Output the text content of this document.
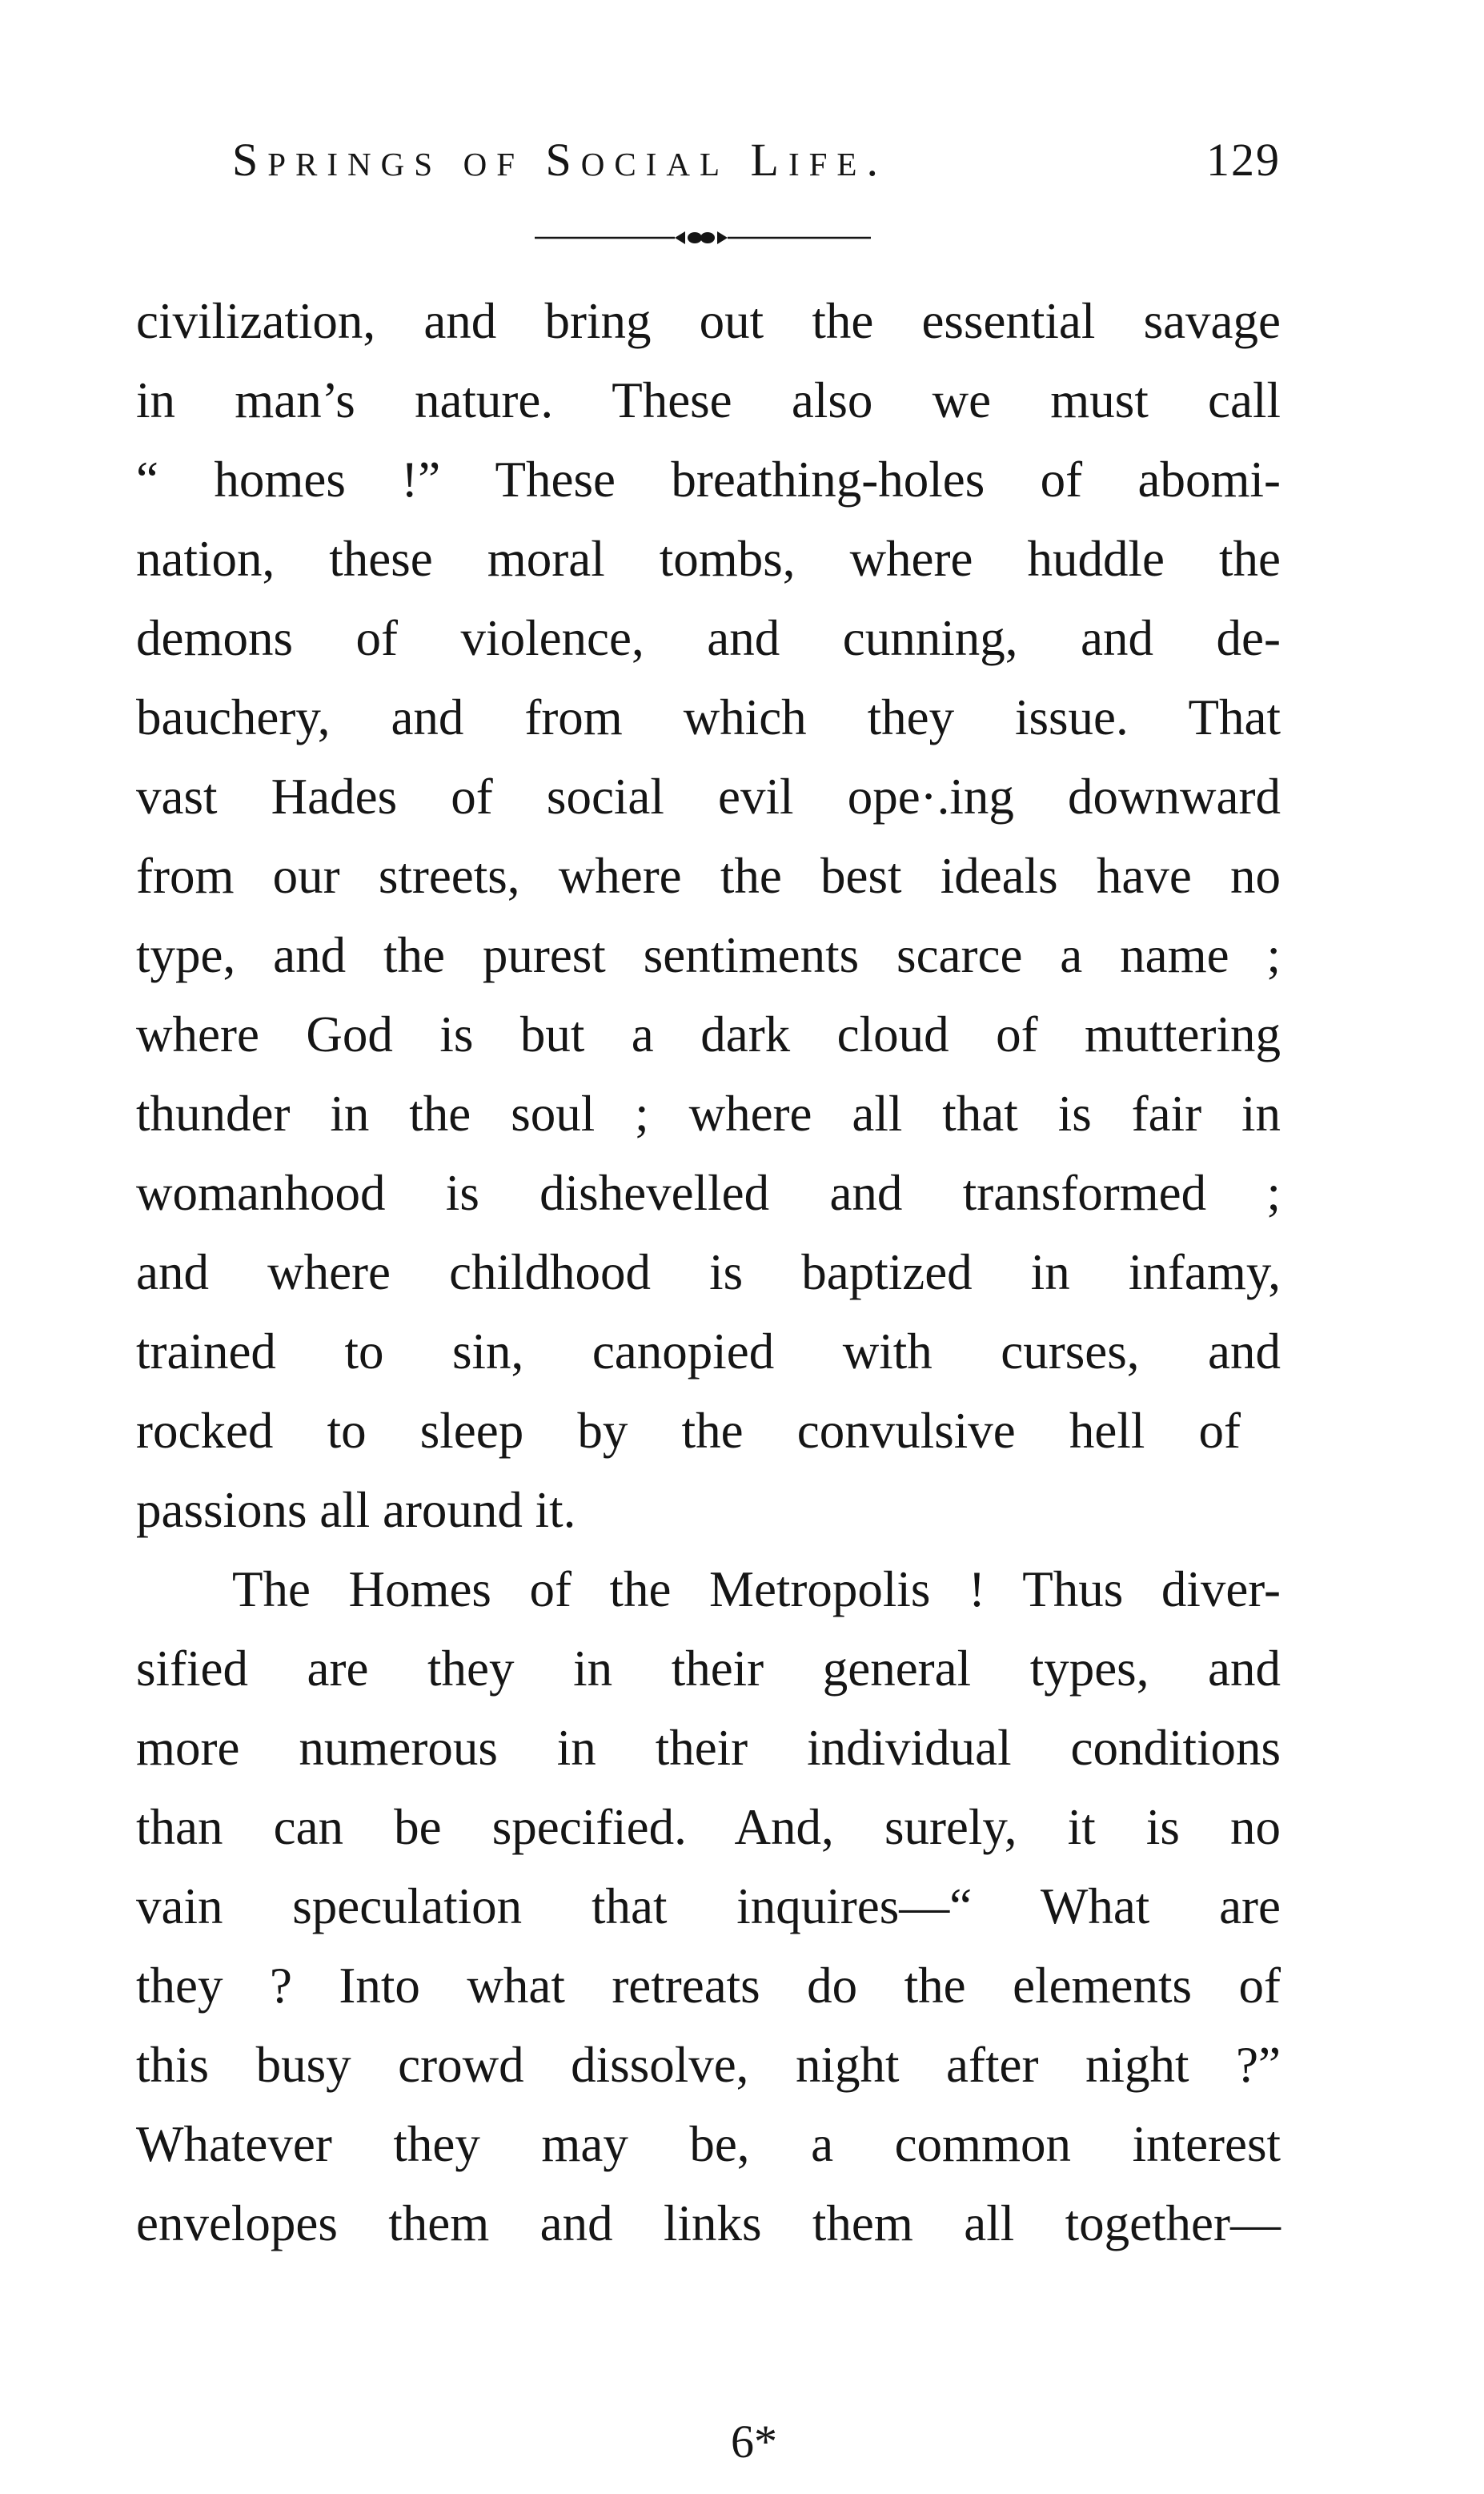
Springs of Social Life.	129
civilization, and bring out the essential savage
in man’s nature. These also we must call
“ homes !” These breathing-holes of abomi-
nation, these moral tombs, where huddle the
demons of violence, and cunning, and de-
bauchery, and from which they issue. That
vast Hades of social evil ope·.ing downward
from our streets, where the best ideals have no
type, and the purest sentiments scarce a name ;
where God is but a dark cloud of muttering
thunder in the soul ; where all that is fair in
womanhood is dishevelled and transformed ;
and where childhood is baptized in infamy,
trained to sin, canopied with curses, and
rocked to sleep by the convulsive hell of
passions all around it.
The Homes of the Metropolis ! Thus diver-
sified are they in their general types, and
more numerous in their individual conditions
than can be specified. And, surely, it is no
vain speculation that inquires—“ What are
they ? Into what retreats do the elements of
this busy crowd dissolve, night after night ?”
Whatever they may be, a common interest
envelopes them and links them all together—
6*
